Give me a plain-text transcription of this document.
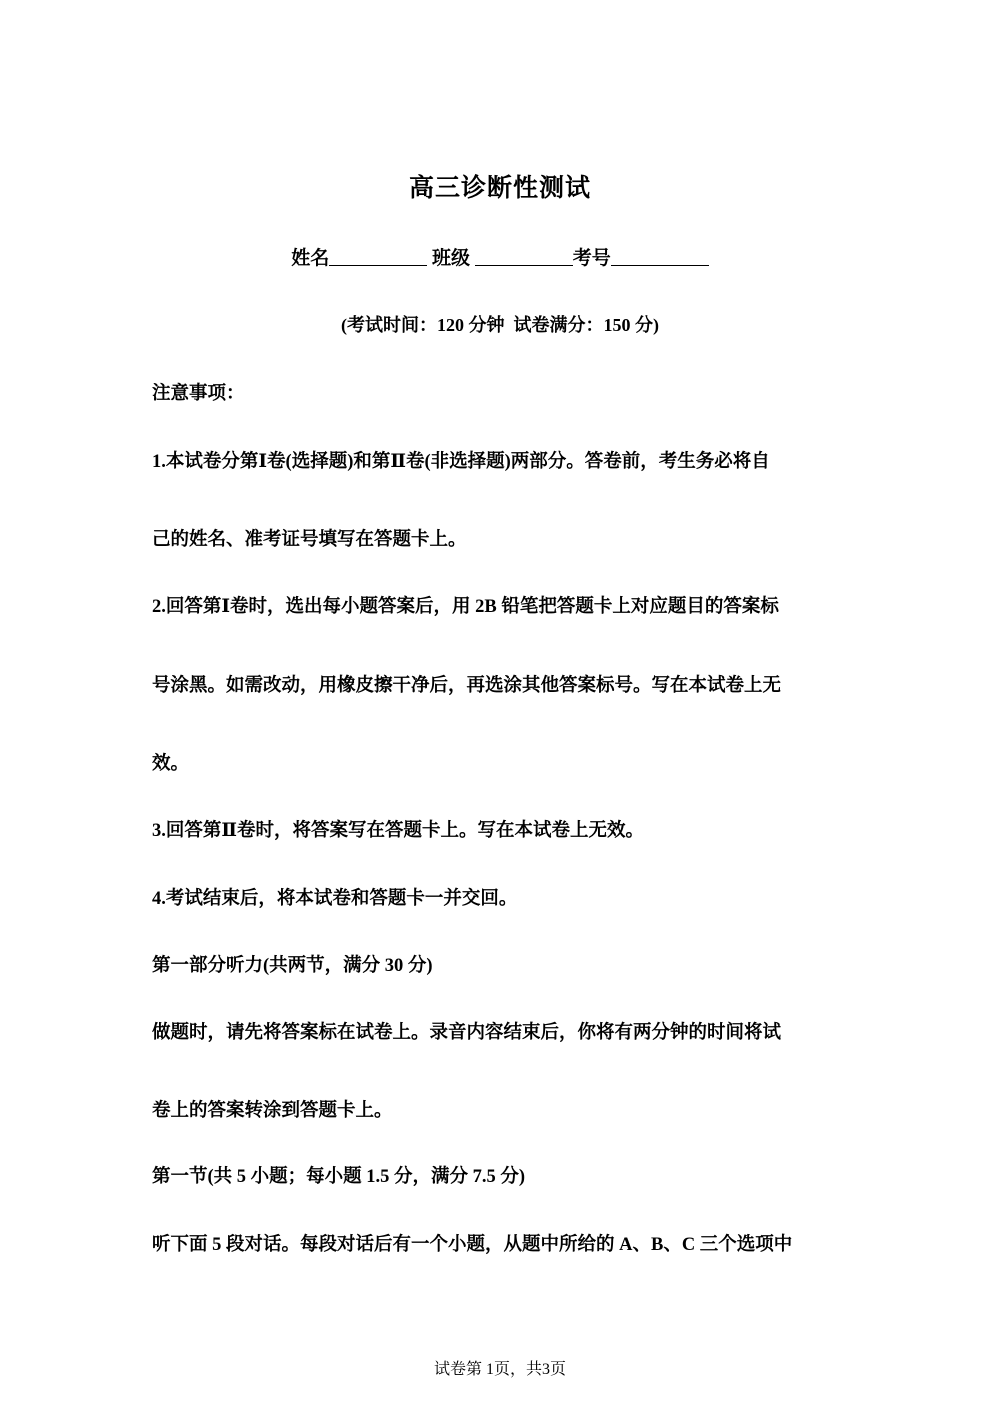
高三诊断性测试
姓名	班级	考号
(考试时间：120 分钟  试卷满分：150 分)
注意事项：
1.本试卷分第Ⅰ卷(选择题)和第Ⅱ卷(非选择题)两部分。答卷前，考生务必将自
己的姓名、准考证号填写在答题卡上。
2.回答第Ⅰ卷时，选出每小题答案后，用 2B 铅笔把答题卡上对应题目的答案标
号涂黑。如需改动，用橡皮擦干净后，再选涂其他答案标号。写在本试卷上无
效。
3.回答第Ⅱ卷时，将答案写在答题卡上。写在本试卷上无效。
4.考试结束后，将本试卷和答题卡一并交回。
第一部分听力(共两节，满分 30 分)
做题时，请先将答案标在试卷上。录音内容结束后，你将有两分钟的时间将试
卷上的答案转涂到答题卡上。
第一节(共 5 小题；每小题 1.5 分，满分 7.5 分)
听下面 5 段对话。每段对话后有一个小题，从题中所给的 A、B、C 三个选项中
试卷第 1页，共3页
